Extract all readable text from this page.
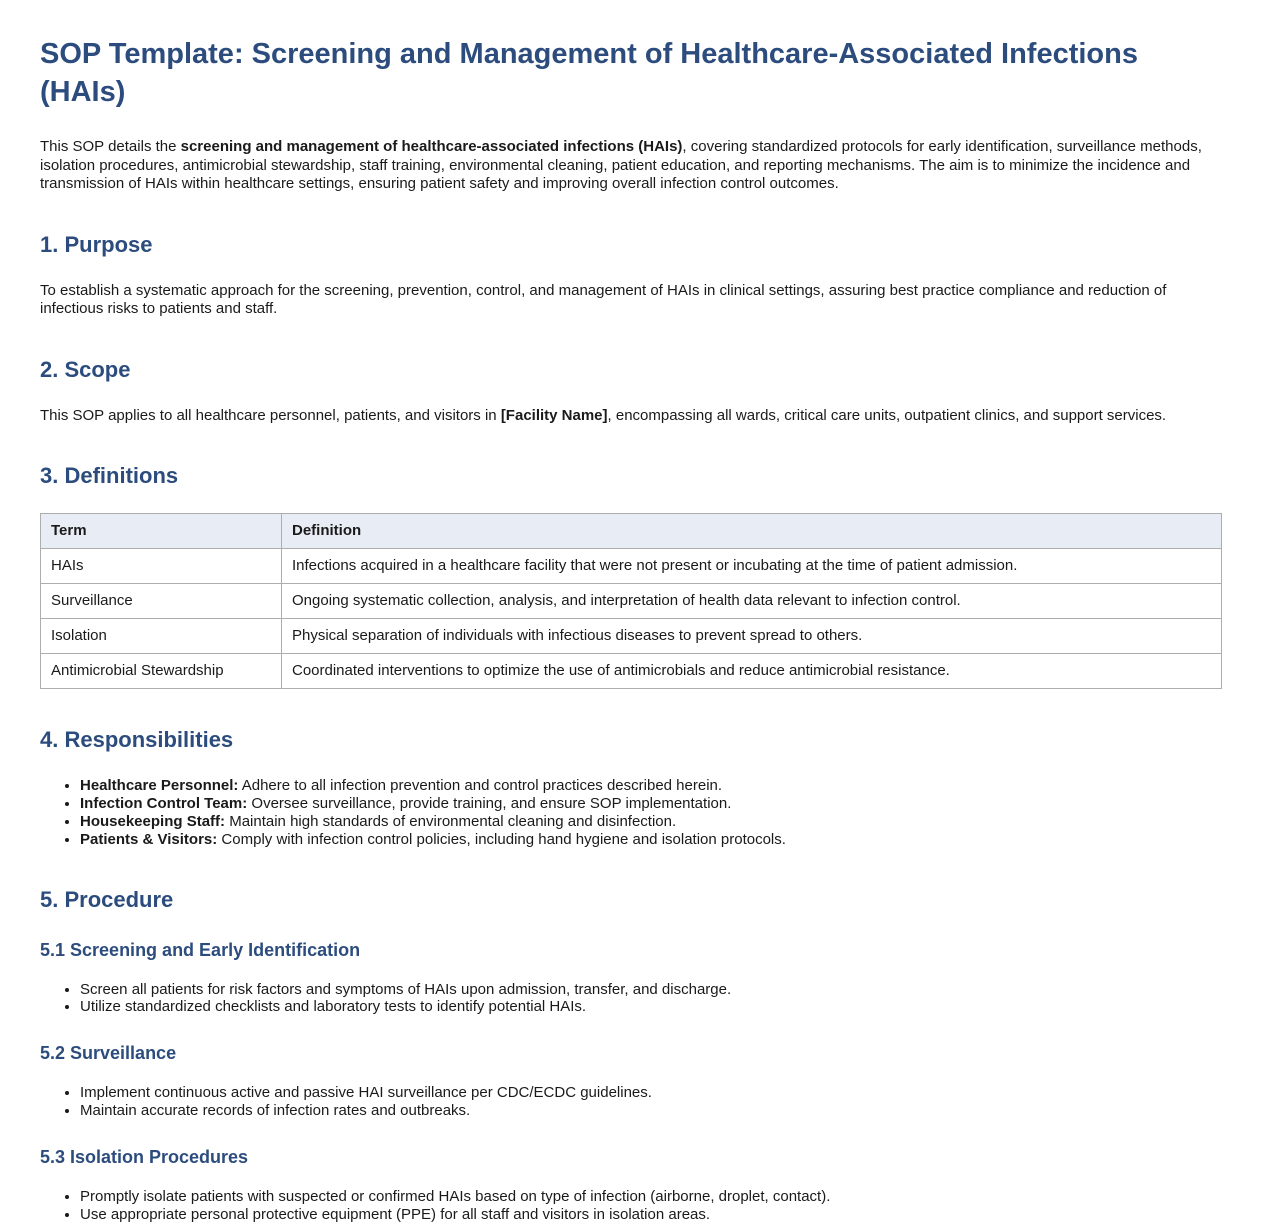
SOP Template: Screening and Management of Healthcare-Associated Infections (HAIs)

This SOP details the screening and management of healthcare-associated infections (HAIs), covering standardized protocols for early identification, surveillance methods, isolation procedures, antimicrobial stewardship, staff training, environmental cleaning, patient education, and reporting mechanisms. The aim is to minimize the incidence and transmission of HAIs within healthcare settings, ensuring patient safety and improving overall infection control outcomes.

1. Purpose

To establish a systematic approach for the screening, prevention, control, and management of HAIs in clinical settings, assuring best practice compliance and reduction of infectious risks to patients and staff.

2. Scope

This SOP applies to all healthcare personnel, patients, and visitors in [Facility Name], encompassing all wards, critical care units, outpatient clinics, and support services.

3. Definitions
Term	Definition
HAIs	Infections acquired in a healthcare facility that were not present or incubating at the time of patient admission.
Surveillance	Ongoing systematic collection, analysis, and interpretation of health data relevant to infection control.
Isolation	Physical separation of individuals with infectious diseases to prevent spread to others.
Antimicrobial Stewardship	Coordinated interventions to optimize the use of antimicrobials and reduce antimicrobial resistance.
4. Responsibilities
• Healthcare Personnel: Adhere to all infection prevention and control practices described herein.
• Infection Control Team: Oversee surveillance, provide training, and ensure SOP implementation.
• Housekeeping Staff: Maintain high standards of environmental cleaning and disinfection.
• Patients & Visitors: Comply with infection control policies, including hand hygiene and isolation protocols.
5. Procedure
5.1 Screening and Early Identification
• Screen all patients for risk factors and symptoms of HAIs upon admission, transfer, and discharge.
• Utilize standardized checklists and laboratory tests to identify potential HAIs.
5.2 Surveillance
• Implement continuous active and passive HAI surveillance per CDC/ECDC guidelines.
• Maintain accurate records of infection rates and outbreaks.
5.3 Isolation Procedures
• Promptly isolate patients with suspected or confirmed HAIs based on type of infection (airborne, droplet, contact).
• Use appropriate personal protective equipment (PPE) for all staff and visitors in isolation areas.
